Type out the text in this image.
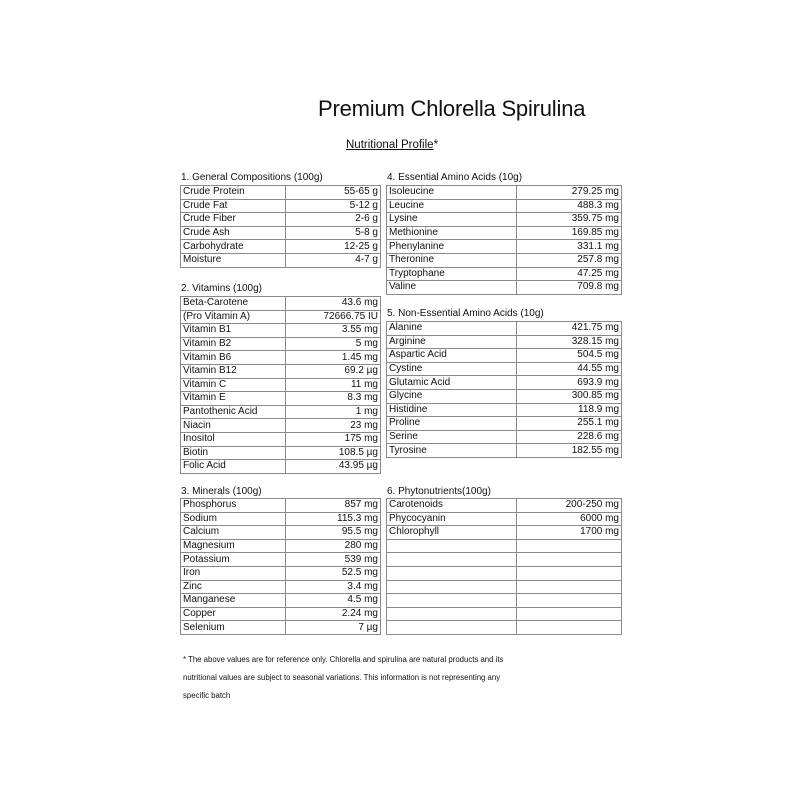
Premium Chlorella Spirulina
Nutritional Profile*
1. General Compositions (100g)
Crude Protein	55-65 g
Crude Fat	5-12 g
Crude Fiber	2-6 g
Crude Ash	5-8 g
Carbohydrate	12-25 g
Moisture	4-7 g
2. Vitamins (100g)
Beta-Carotene	43.6 mg
(Pro Vitamin A)	72666.75 IU
Vitamin B1	3.55 mg
Vitamin B2	5 mg
Vitamin B6	1.45 mg
Vitamin B12	69.2 µg
Vitamin C	11 mg
Vitamin E	8.3 mg
Pantothenic Acid	1 mg
Niacin	23 mg
Inositol	175 mg
Biotin	108.5 µg
Folic Acid	43.95 µg
3. Minerals (100g)
Phosphorus	857 mg
Sodium	115.3 mg
Calcium	95.5 mg
Magnesium	280 mg
Potassium	539 mg
Iron	52.5 mg
Zinc	3.4 mg
Manganese	4.5 mg
Copper	2.24 mg
Selenium	7 µg
4. Essential Amino Acids (10g)
Isoleucine	279.25 mg
Leucine	488.3 mg
Lysine	359.75 mg
Methionine	169.85 mg
Phenylanine	331.1 mg
Theronine	257.8 mg
Tryptophane	47.25 mg
Valine	709.8 mg
5. Non-Essential Amino Acids (10g)
Alanine	421.75 mg
Arginine	328.15 mg
Aspartic Acid	504.5 mg
Cystine	44.55 mg
Glutamic Acid	693.9 mg
Glycine	300.85 mg
Histidine	118.9 mg
Proline	255.1 mg
Serine	228.6 mg
Tyrosine	182.55 mg
6. Phytonutrients(100g)
Carotenoids	200-250 mg
Phycocyanin	6000 mg
Chlorophyll	1700 mg

* The above values are for reference only. Chlorella and spirulina are natural products and its
nutritional values are subject to seasonal variations. This information is not representing any
specific batch
